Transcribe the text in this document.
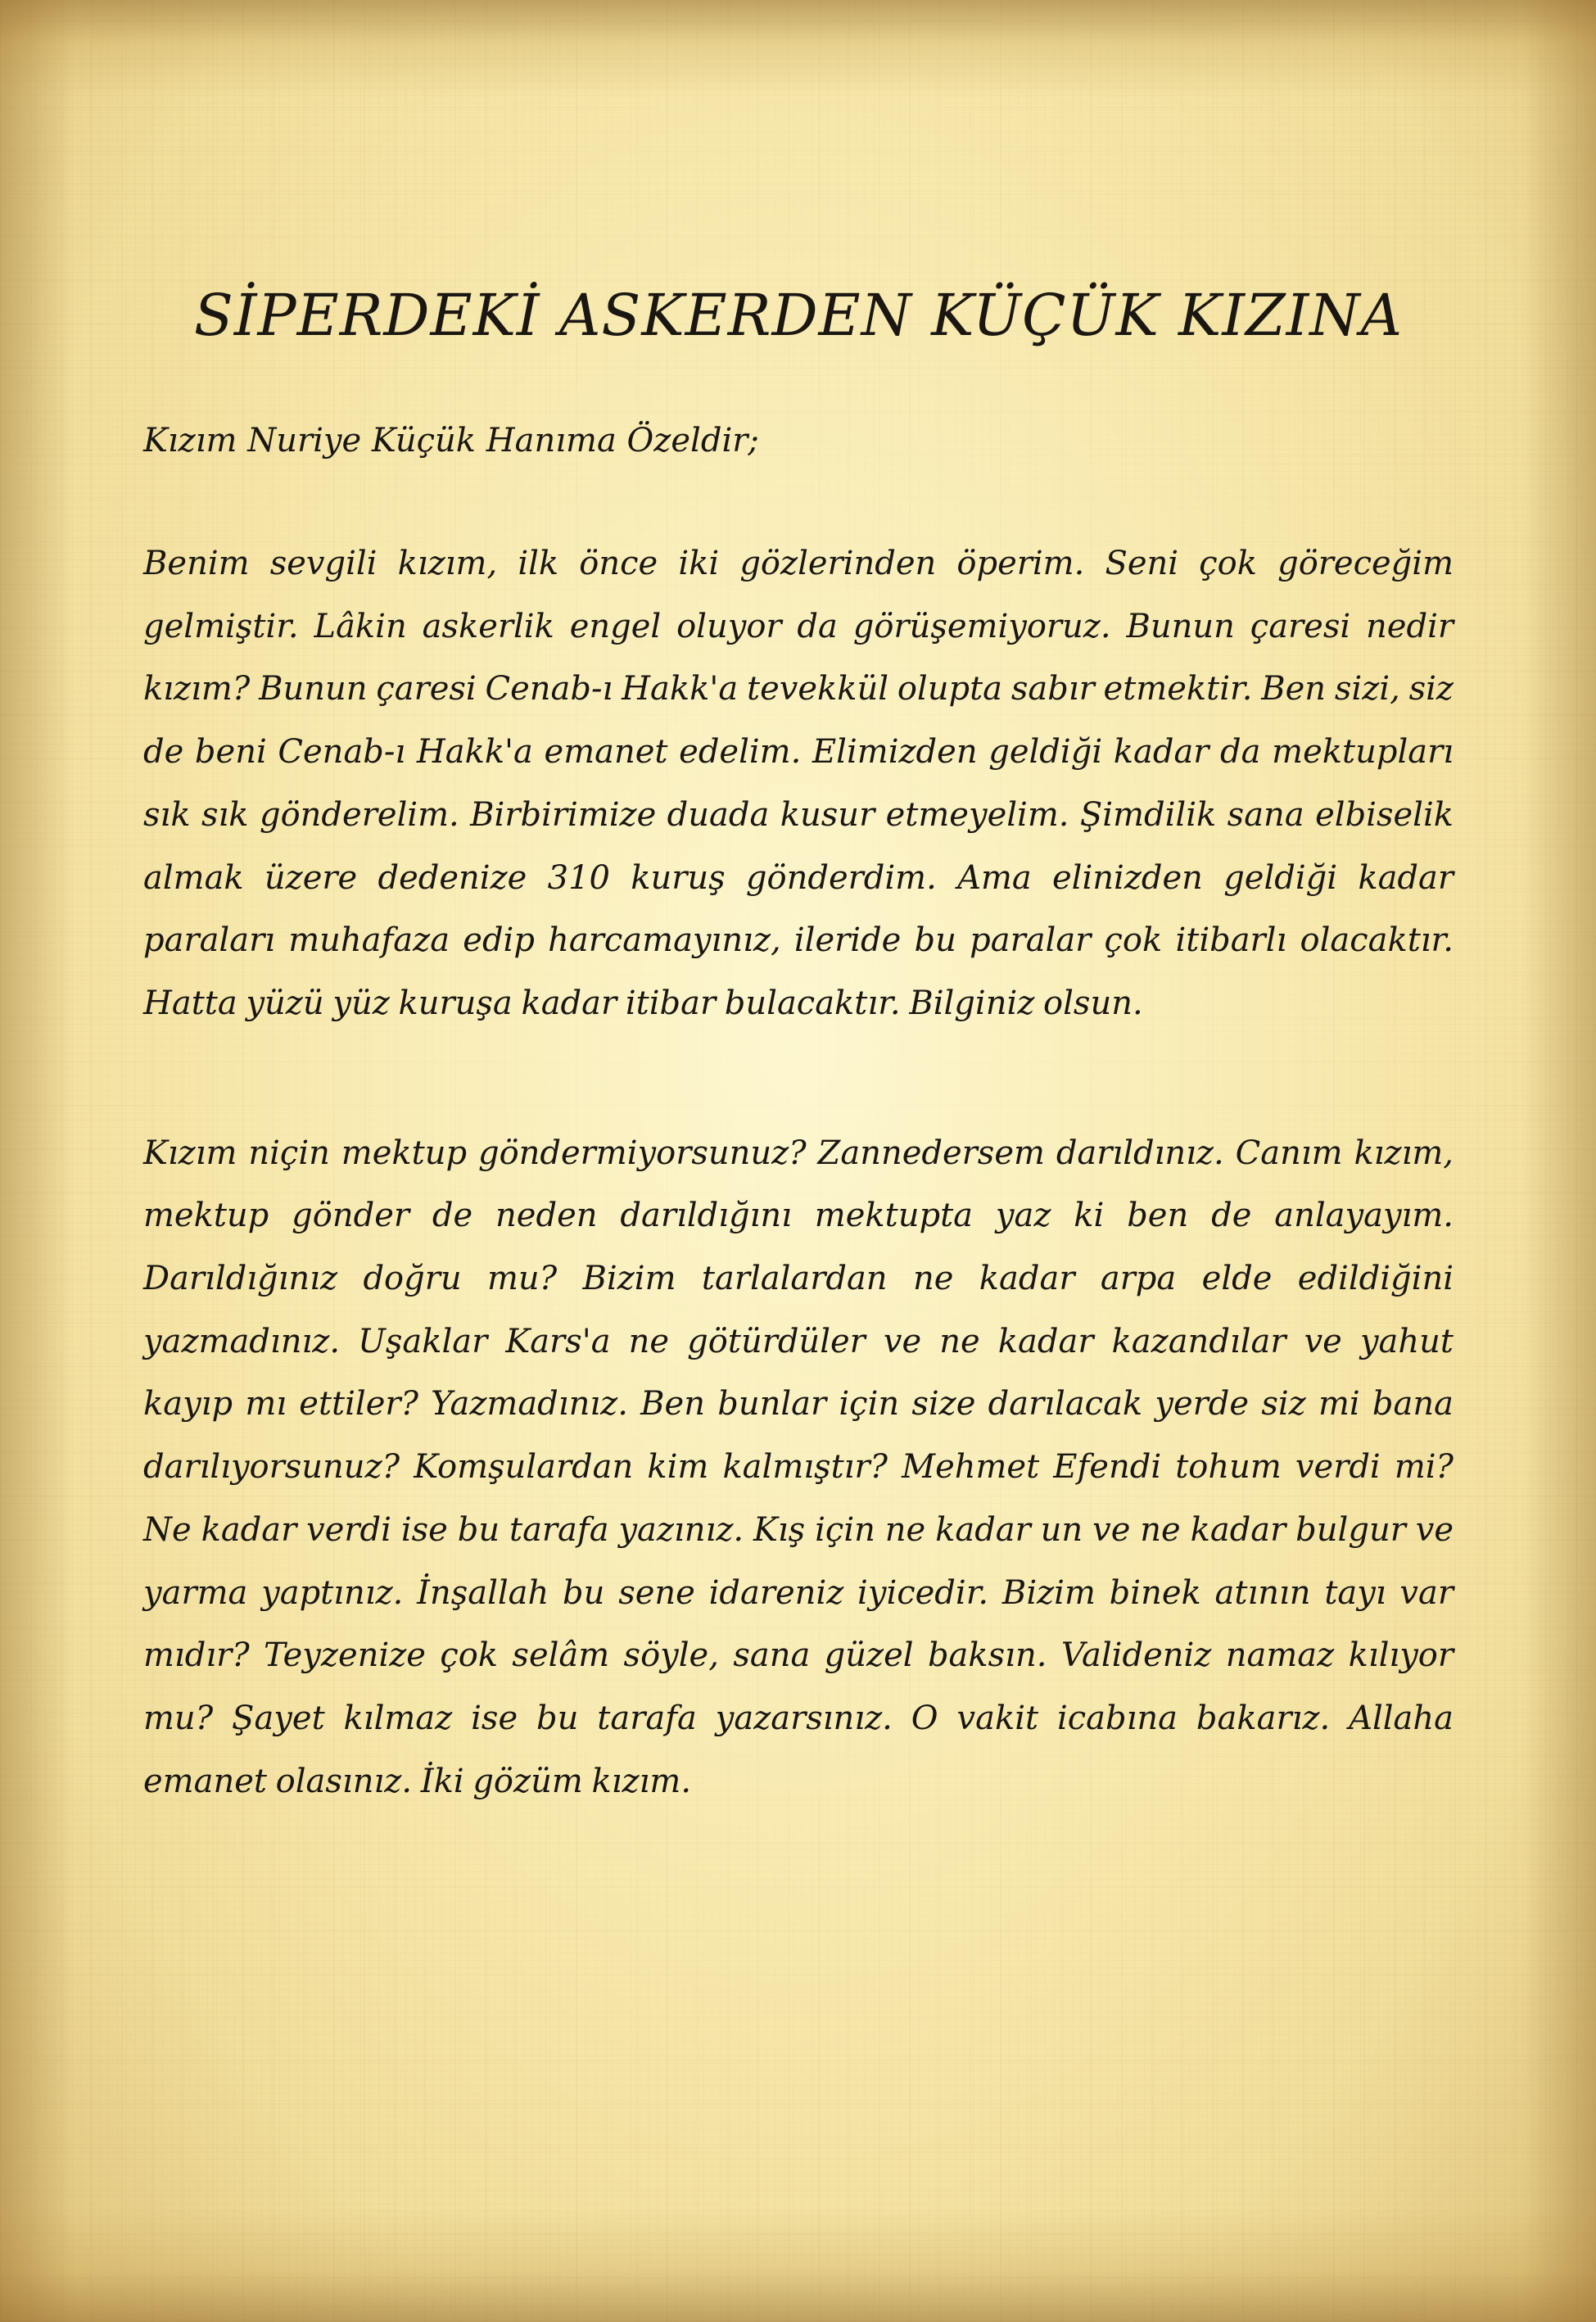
SİPERDEKİ ASKERDEN KÜÇÜK KIZINA

Kızım Nuriye Küçük Hanıma Özeldir;

Benim sevgili kızım, ilk önce iki gözlerinden öperim. Seni çok göreceğim gelmiştir. Lâkin askerlik engel oluyor da görüşemiyoruz. Bunun çaresi nedir kızım? Bunun çaresi Cenab-ı Hakk'a tevekkül olupta sabır etmektir. Ben sizi, siz de beni Cenab-ı Hakk'a emanet edelim. Elimizden geldiği kadar da mektupları sık sık gönderelim. Birbirimize duada kusur etmeyelim. Şimdilik sana elbiselik almak üzere dedenize 310 kuruş gönderdim. Ama elinizden geldiği kadar paraları muhafaza edip harcamayınız, ileride bu paralar çok itibarlı olacaktır. Hatta yüzü yüz kuruşa kadar itibar bulacaktır. Bilginiz olsun.

Kızım niçin mektup göndermiyorsunuz? Zannedersem darıldınız. Canım kızım, mektup gönder de neden darıldığını mektupta yaz ki ben de anlayayım. Darıldığınız doğru mu? Bizim tarlalardan ne kadar arpa elde edildiğini yazmadınız. Uşaklar Kars'a ne götürdüler ve ne kadar kazandılar ve yahut kayıp mı ettiler? Yazmadınız. Ben bunlar için size darılacak yerde siz mi bana darılıyorsunuz? Komşulardan kim kalmıştır? Mehmet Efendi tohum verdi mi? Ne kadar verdi ise bu tarafa yazınız. Kış için ne kadar un ve ne kadar bulgur ve yarma yaptınız. İnşallah bu sene idareniz iyicedir. Bizim binek atının tayı var mıdır? Teyzenize çok selâm söyle, sana güzel baksın. Valideniz namaz kılıyor mu? Şayet kılmaz ise bu tarafa yazarsınız. O vakit icabına bakarız. Allaha emanet olasınız. İki gözüm kızım.
